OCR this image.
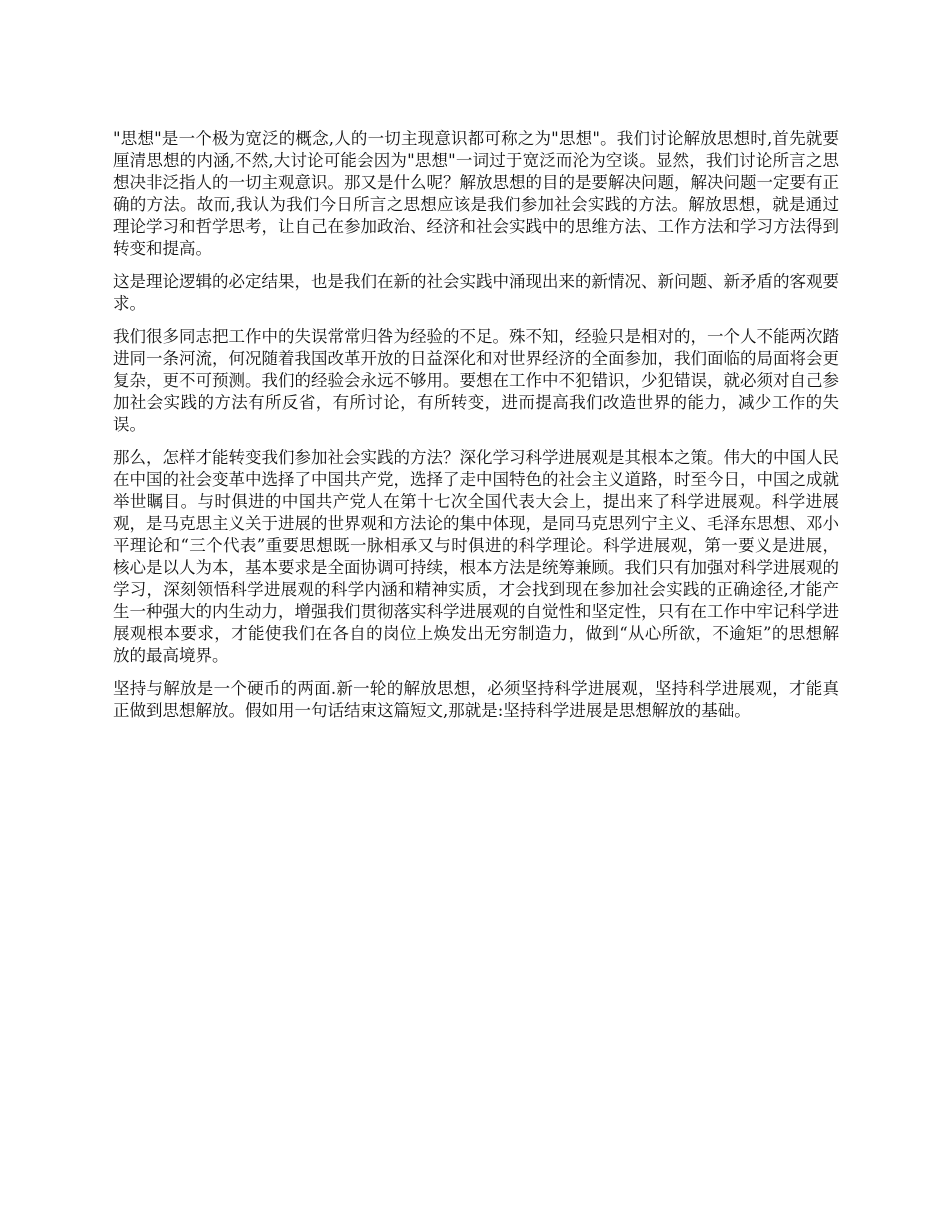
"思想"是一个极为宽泛的概念,人的一切主现意识都可称之为"思想"。我们讨论解放思想时,首先就要厘清思想的内涵,不然,大讨论可能会因为"思想"一词过于宽泛而沦为空谈。显然，我们讨论所言之思想决非泛指人的一切主观意识。那又是什么呢？解放思想的目的是要解决问题，解决问题一定要有正确的方法。故而,我认为我们今日所言之思想应该是我们参加社会实践的方法。解放思想，就是通过理论学习和哲学思考，让自己在参加政治、经济和社会实践中的思维方法、工作方法和学习方法得到转变和提高。

这是理论逻辑的必定结果，也是我们在新的社会实践中涌现出来的新情况、新问题、新矛盾的客观要求。

我们很多同志把工作中的失误常常归咎为经验的不足。殊不知，经验只是相对的，一个人不能两次踏进同一条河流，何况随着我国改革开放的日益深化和对世界经济的全面参加，我们面临的局面将会更复杂，更不可预测。我们的经验会永远不够用。要想在工作中不犯错识，少犯错误，就必须对自己参加社会实践的方法有所反省，有所讨论，有所转变，进而提高我们改造世界的能力，减少工作的失误。

那么，怎样才能转变我们参加社会实践的方法？深化学习科学进展观是其根本之策。伟大的中国人民在中国的社会变革中选择了中国共产党，选择了走中国特色的社会主义道路，时至今日，中国之成就举世瞩目。与时俱进的中国共产党人在第十七次全国代表大会上，提出来了科学进展观。科学进展观，是马克思主义关于进展的世界观和方法论的集中体现，是同马克思列宁主义、毛泽东思想、邓小平理论和“三个代表”重要思想既一脉相承又与时俱进的科学理论。科学进展观，第一要义是进展，核心是以人为本，基本要求是全面协调可持续，根本方法是统筹兼顾。我们只有加强对科学进展观的学习，深刻领悟科学进展观的科学内涵和精神实质，才会找到现在参加社会实践的正确途径,才能产生一种强大的内生动力，增强我们贯彻落实科学进展观的自觉性和坚定性，只有在工作中牢记科学进展观根本要求，才能使我们在各自的岗位上焕发出无穷制造力，做到“从心所欲，不逾矩”的思想解放的最高境界。

坚持与解放是一个硬币的两面.新一轮的解放思想，必须坚持科学进展观，坚持科学进展观，才能真正做到思想解放。假如用一句话结束这篇短文,那就是:坚持科学进展是思想解放的基础。
